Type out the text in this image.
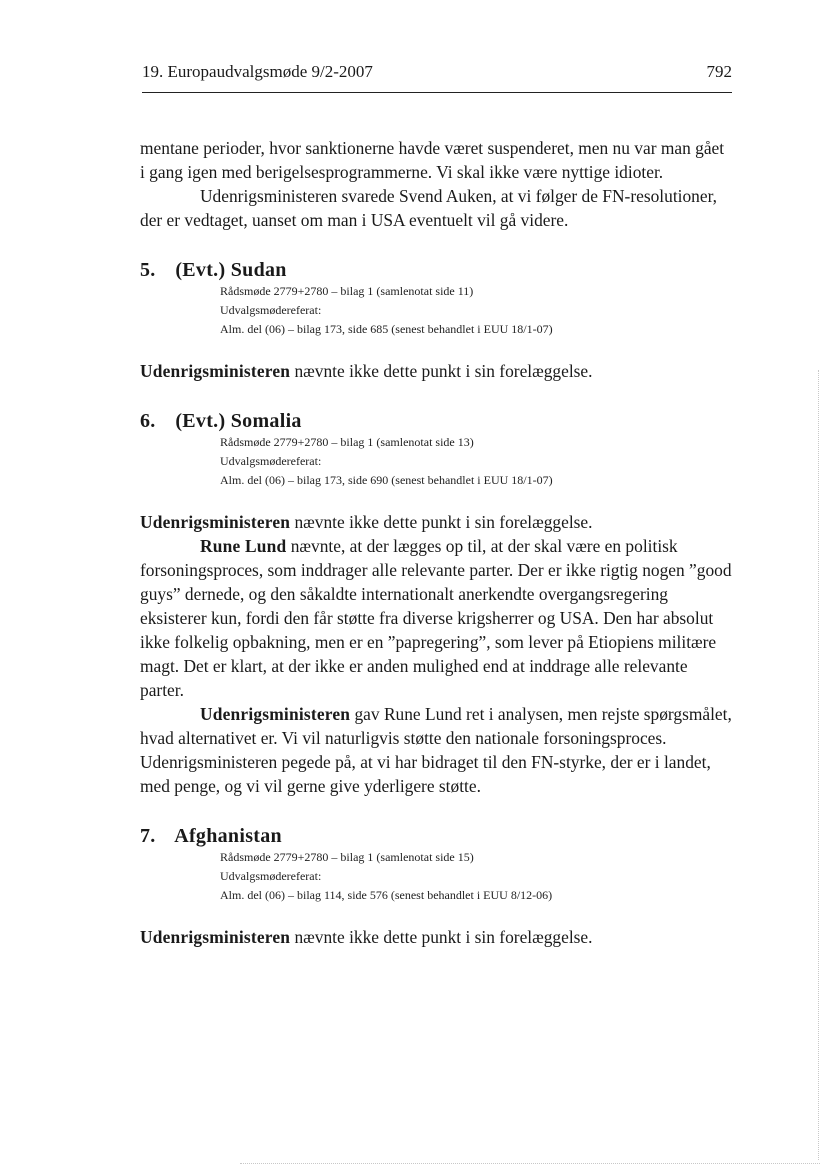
19. Europaudvalgsmøde 9/2-2007	792

mentane perioder, hvor sanktionerne havde været suspenderet, men nu var man gået i gang igen med berigelsesprogrammerne. Vi skal ikke være nyttige idioter.

Udenrigsministeren svarede Svend Auken, at vi følger de FN-resolutioner, der er vedtaget, uanset om man i USA eventuelt vil gå videre.

5. (Evt.) Sudan
Rådsmøde 2779+2780 – bilag 1 (samlenotat side 11)
Udvalgsmødereferat:
Alm. del (06) – bilag 173, side 685 (senest behandlet i EUU 18/1-07)

Udenrigsministeren nævnte ikke dette punkt i sin forelæggelse.

6. (Evt.) Somalia
Rådsmøde 2779+2780 – bilag 1 (samlenotat side 13)
Udvalgsmødereferat:
Alm. del (06) – bilag 173, side 690 (senest behandlet i EUU 18/1-07)

Udenrigsministeren nævnte ikke dette punkt i sin forelæggelse.

Rune Lund nævnte, at der lægges op til, at der skal være en politisk forsoningsproces, som inddrager alle relevante parter. Der er ikke rigtig nogen ”good guys” dernede, og den såkaldte internationalt anerkendte overgangsregering eksisterer kun, fordi den får støtte fra diverse krigsherrer og USA. Den har absolut ikke folkelig opbakning, men er en ”papregering”, som lever på Etiopiens militære magt. Det er klart, at der ikke er anden mulighed end at inddrage alle relevante parter.

Udenrigsministeren gav Rune Lund ret i analysen, men rejste spørgsmålet, hvad alternativet er. Vi vil naturligvis støtte den nationale forsoningsproces. Udenrigsministeren pegede på, at vi har bidraget til den FN-styrke, der er i landet, med penge, og vi vil gerne give yderligere støtte.

7. Afghanistan
Rådsmøde 2779+2780 – bilag 1 (samlenotat side 15)
Udvalgsmødereferat:
Alm. del (06) – bilag 114, side 576 (senest behandlet i EUU 8/12-06)

Udenrigsministeren nævnte ikke dette punkt i sin forelæggelse.
